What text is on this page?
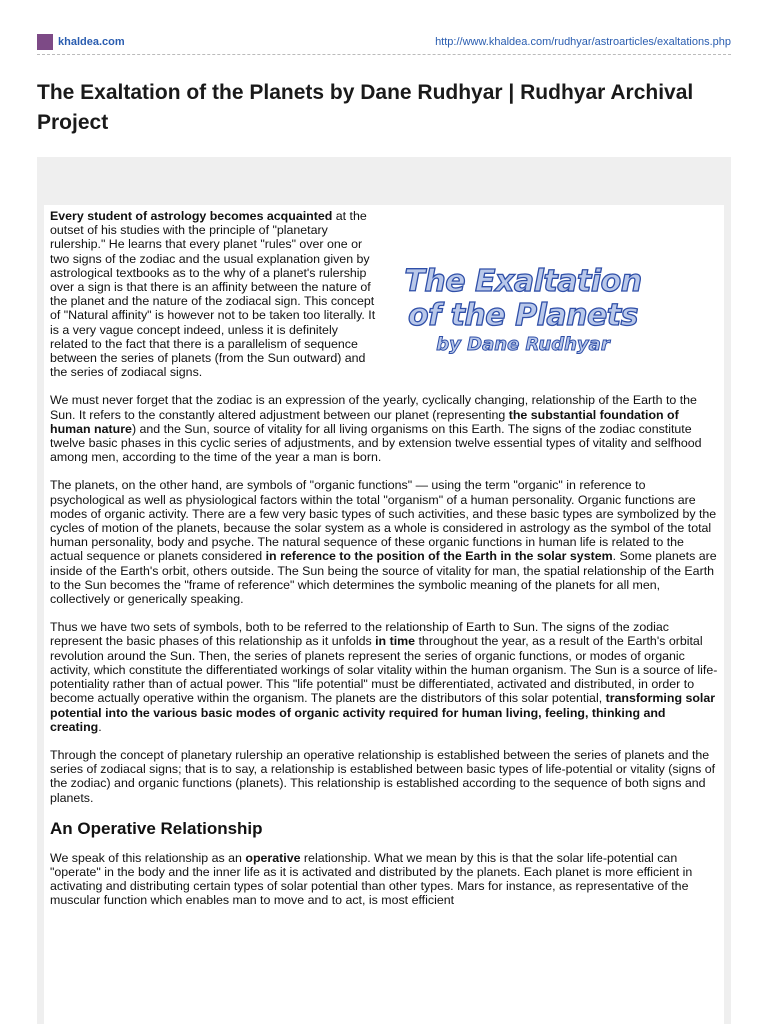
khaldea.com	http://www.khaldea.com/rudhyar/astroarticles/exaltations.php
The Exaltation of the Planets by Dane Rudhyar | Rudhyar Archival Project
The Exaltation
of the Planets
by Dane Rudhyar

Every student of astrology becomes acquainted at the outset of his studies with the principle of "planetary rulership." He learns that every planet "rules" over one or two signs of the zodiac and the usual explanation given by astrological textbooks as to the why of a planet's rulership over a sign is that there is an affinity between the nature of the planet and the nature of the zodiacal sign. This concept of "Natural affinity" is however not to be taken too literally. It is a very vague concept indeed, unless it is definitely related to the fact that there is a parallelism of sequence between the series of planets (from the Sun outward) and the series of zodiacal signs.

We must never forget that the zodiac is an expression of the yearly, cyclically changing, relationship of the Earth to the Sun. It refers to the constantly altered adjustment between our planet (representing the substantial foundation of human nature) and the Sun, source of vitality for all living organisms on this Earth. The signs of the zodiac constitute twelve basic phases in this cyclic series of adjustments, and by extension twelve essential types of vitality and selfhood among men, according to the time of the year a man is born.

The planets, on the other hand, are symbols of "organic functions" — using the term "organic" in reference to psychological as well as physiological factors within the total "organism" of a human personality. Organic functions are modes of organic activity. There are a few very basic types of such activities, and these basic types are symbolized by the cycles of motion of the planets, because the solar system as a whole is considered in astrology as the symbol of the total human personality, body and psyche. The natural sequence of these organic functions in human life is related to the actual sequence or planets considered in reference to the position of the Earth in the solar system. Some planets are inside of the Earth's orbit, others outside. The Sun being the source of vitality for man, the spatial relationship of the Earth to the Sun becomes the "frame of reference" which determines the symbolic meaning of the planets for all men, collectively or generically speaking.

Thus we have two sets of symbols, both to be referred to the relationship of Earth to Sun. The signs of the zodiac represent the basic phases of this relationship as it unfolds in time throughout the year, as a result of the Earth's orbital revolution around the Sun. Then, the series of planets represent the series of organic functions, or modes of organic activity, which constitute the differentiated workings of solar vitality within the human organism. The Sun is a source of life-potentiality rather than of actual power. This "life potential" must be differentiated, activated and distributed, in order to become actually operative within the organism. The planets are the distributors of this solar potential, transforming solar potential into the various basic modes of organic activity required for human living, feeling, thinking and creating.

Through the concept of planetary rulership an operative relationship is established between the series of planets and the series of zodiacal signs; that is to say, a relationship is established between basic types of life-potential or vitality (signs of the zodiac) and organic functions (planets). This relationship is established according to the sequence of both signs and planets.

An Operative Relationship

We speak of this relationship as an operative relationship. What we mean by this is that the solar life-potential can "operate" in the body and the inner life as it is activated and distributed by the planets. Each planet is more efficient in activating and distributing certain types of solar potential than other types. Mars for instance, as representative of the muscular function which enables man to move and to act, is most efficient
